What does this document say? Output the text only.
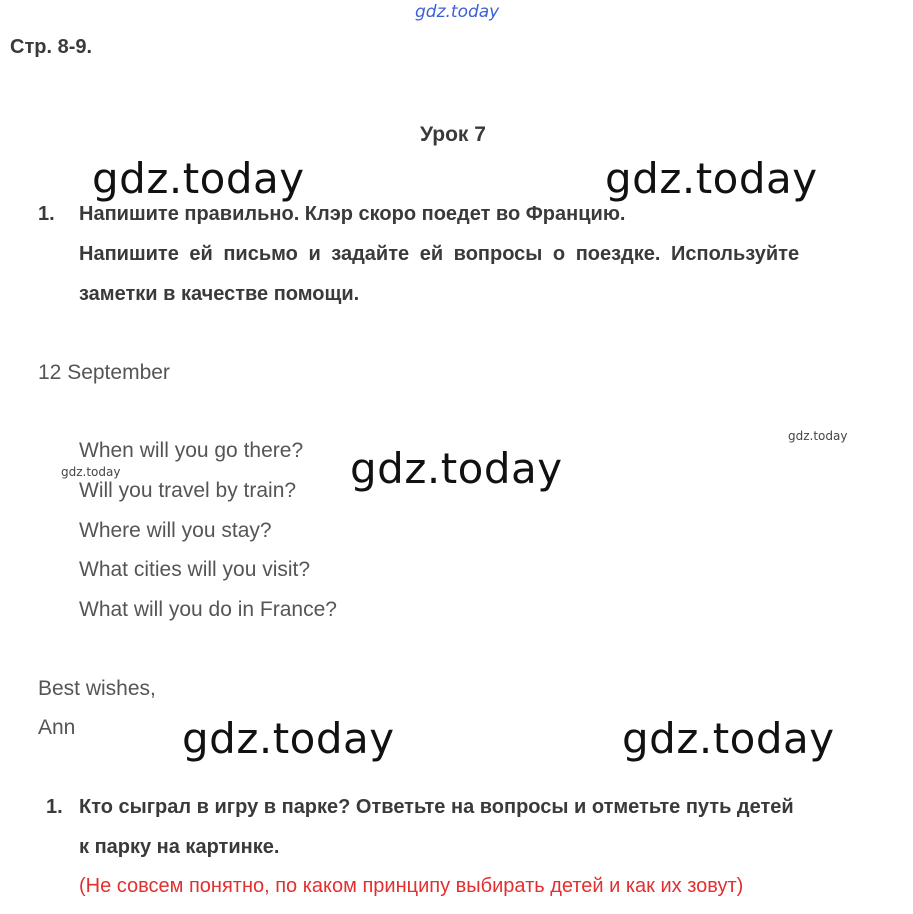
gdz.today
gdz.today	gdz.today
gdz.today
gdz.today	gdz.today
gdz.today
gdz.today
Стр. 8-9.
Урок 7
1. Напишите правильно. Клэр скоро поедет во Францию.
Напишите ей письмо и задайте ей вопросы о поездке. Используйте
заметки в качестве помощи.
12 September
When will you go there?
Will you travel by train?
Where will you stay?
What cities will you visit?
What will you do in France?
Best wishes,
Ann
1. Кто сыграл в игру в парке? Ответьте на вопросы и отметьте путь детей
к парку на картинке.
(Не совсем понятно, по каком принципу выбирать детей и как их зовут)
